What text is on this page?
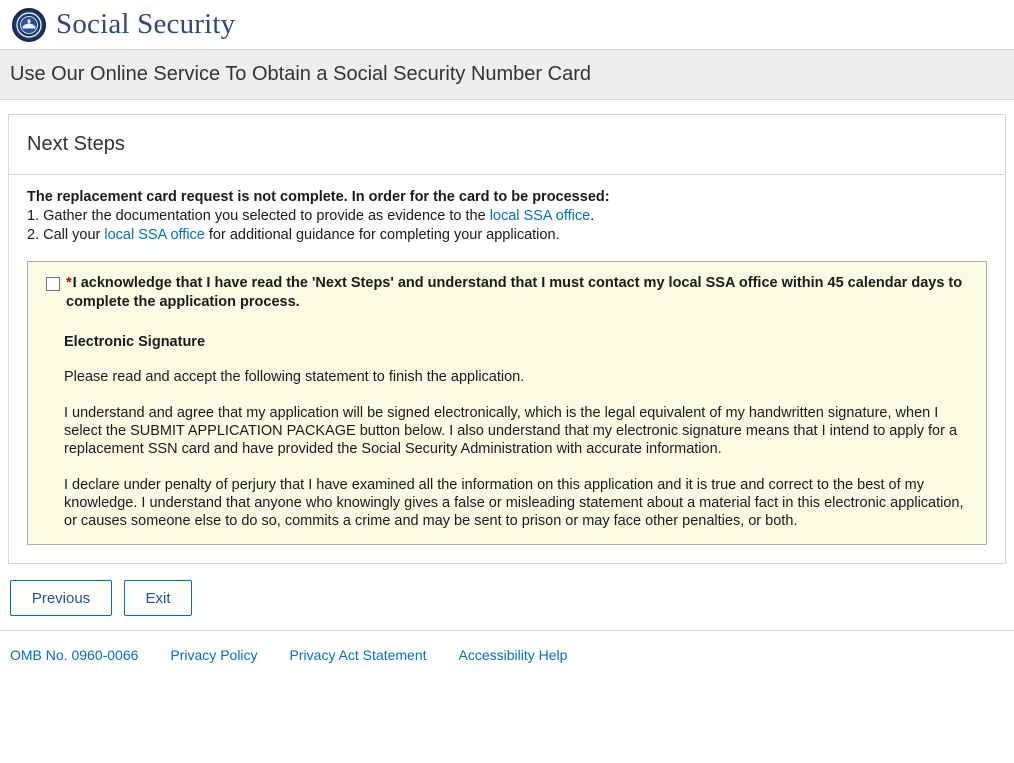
Social Security
Use Our Online Service To Obtain a Social Security Number Card
Next Steps

The replacement card request is not complete. In order for the card to be processed:

1. Gather the documentation you selected to provide as evidence to the local SSA office.
2. Call your local SSA office for additional guidance for completing your application.
*I acknowledge that I have read the 'Next Steps' and understand that I must contact my local SSA office within 45 calendar days to complete the application process.
Electronic Signature

Please read and accept the following statement to finish the application.

I understand and agree that my application will be signed electronically, which is the legal equivalent of my handwritten signature, when I select the SUBMIT APPLICATION PACKAGE button below. I also understand that my electronic signature means that I intend to apply for a replacement SSN card and have provided the Social Security Administration with accurate information.

I declare under penalty of perjury that I have examined all the information on this application and it is true and correct to the best of my knowledge. I understand that anyone who knowingly gives a false or misleading statement about a material fact in this electronic application, or causes someone else to do so, commits a crime and may be sent to prison or may face other penalties, or both.

Previous	Exit
OMB No. 0960-0066 Privacy Policy Privacy Act Statement Accessibility Help
